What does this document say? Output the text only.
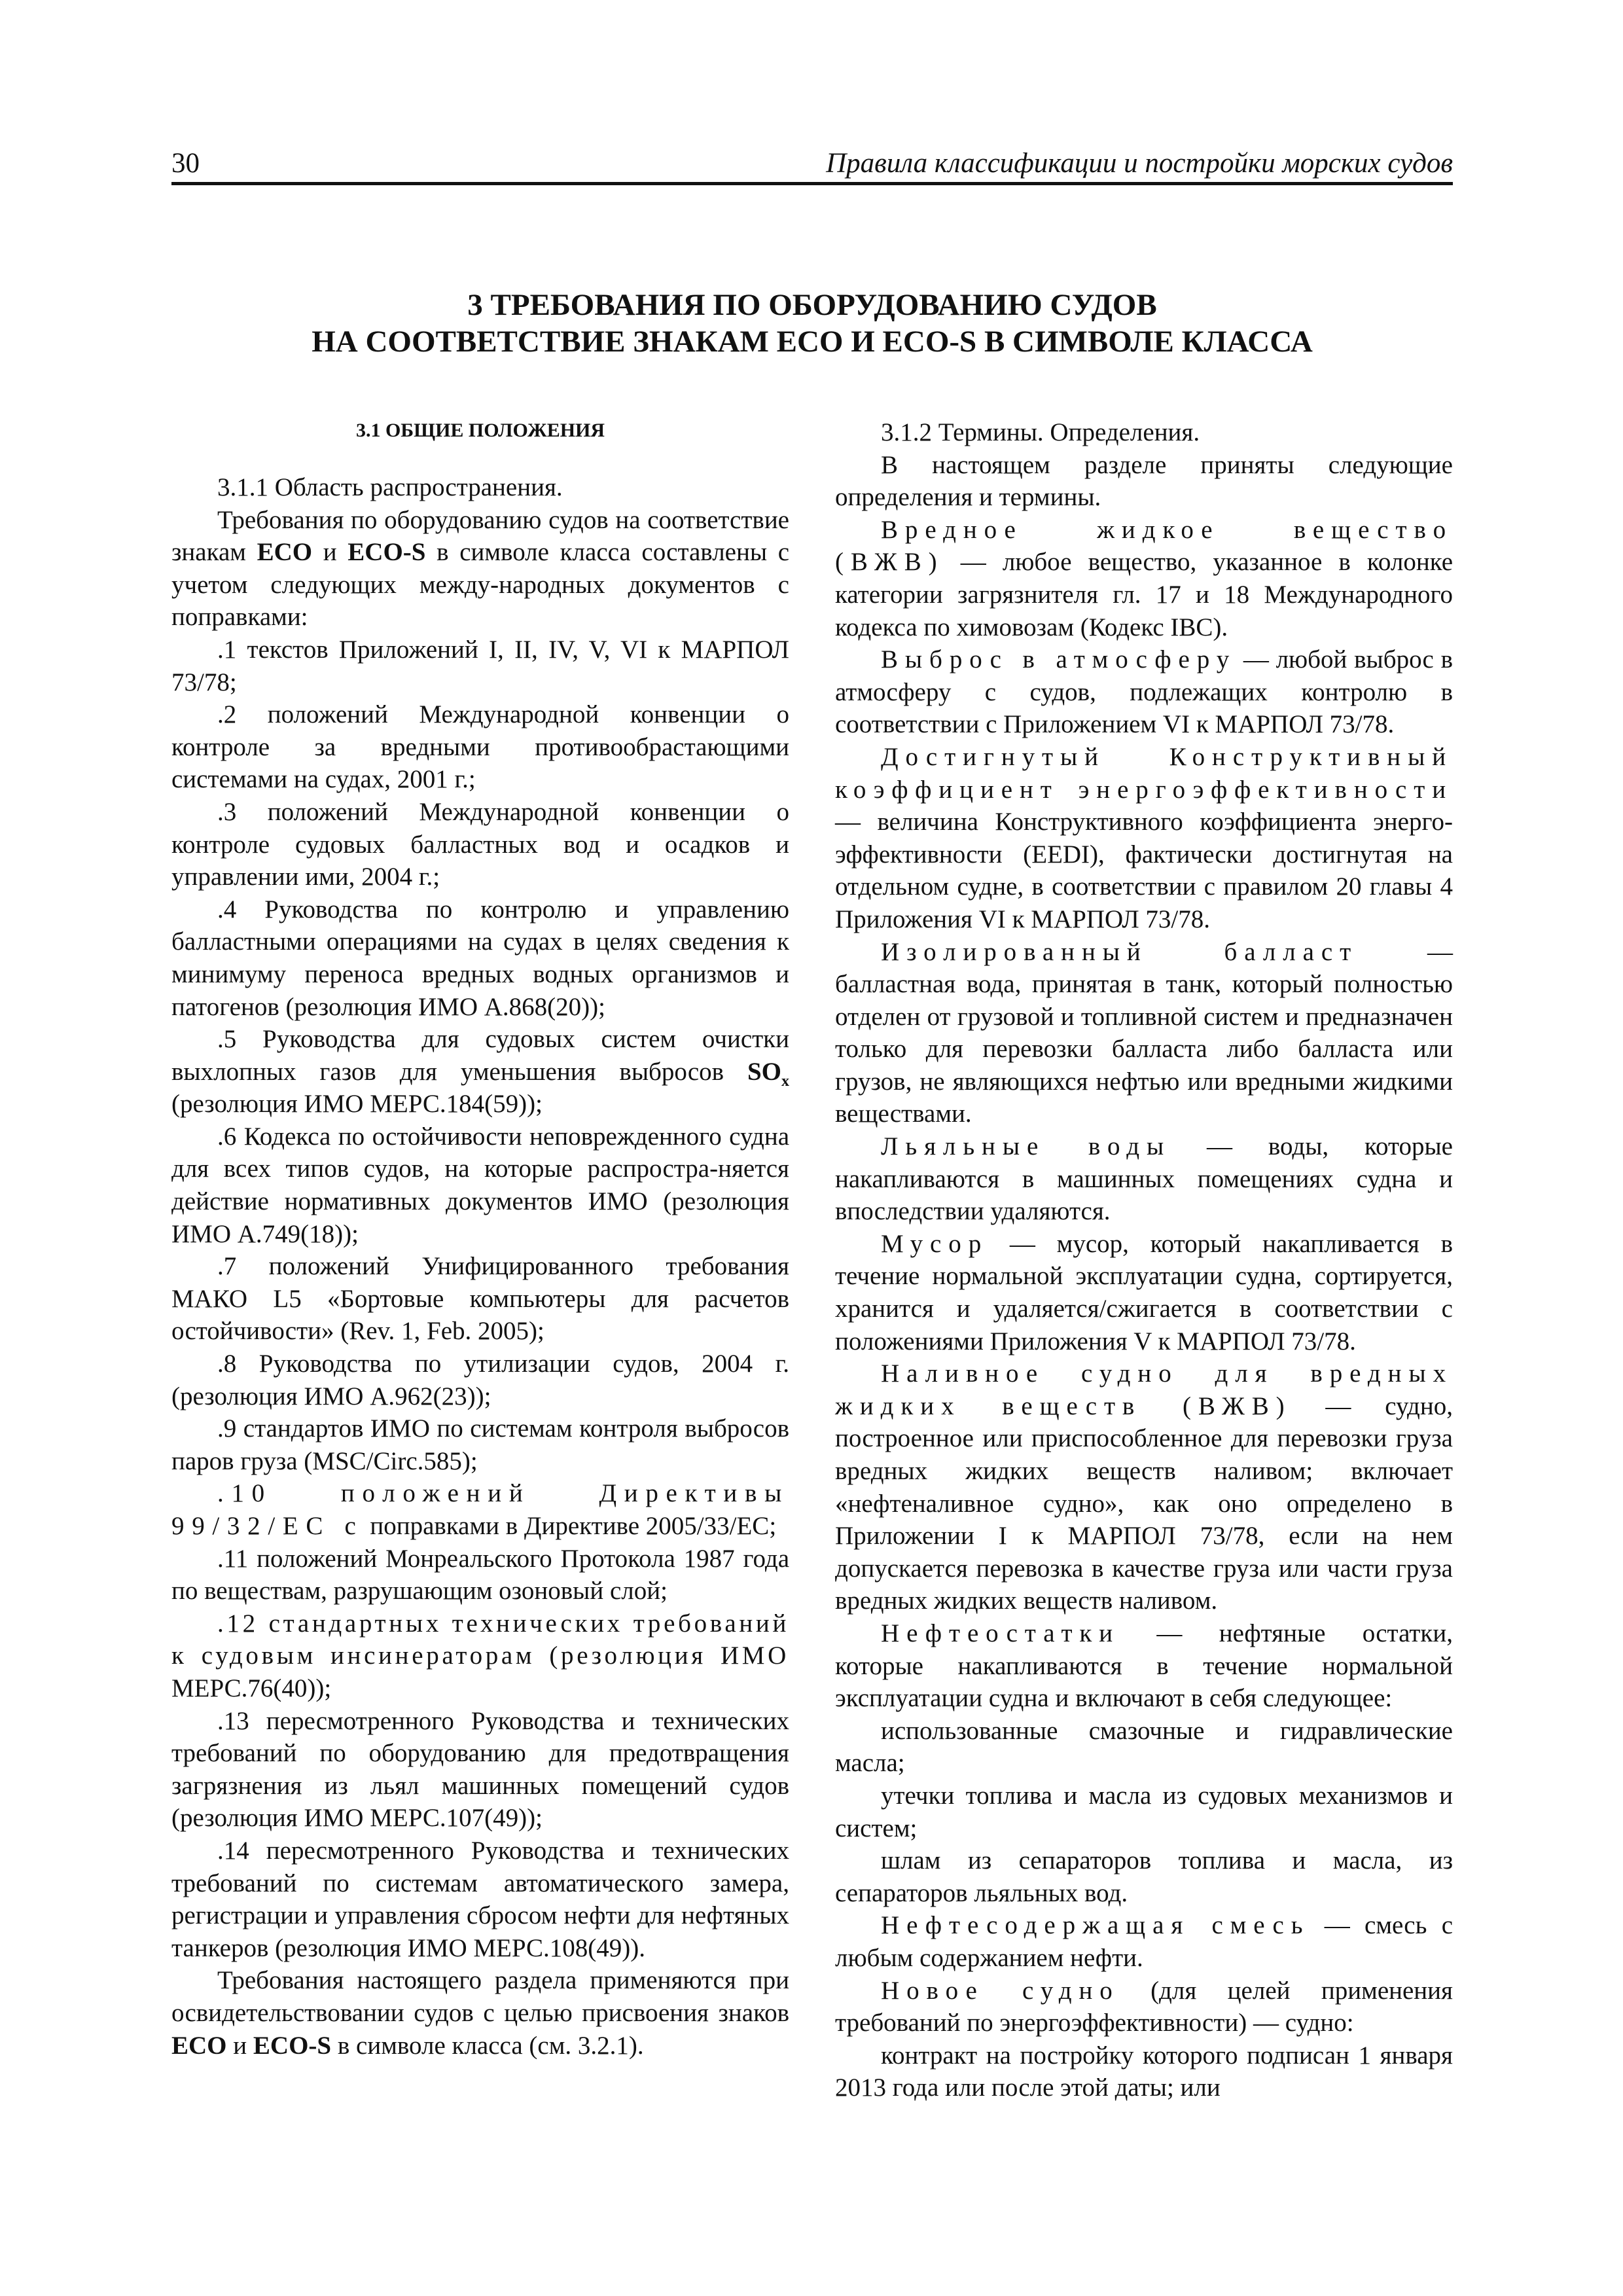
30	Правила классификации и постройки морских судов
3 ТРЕБОВАНИЯ ПО ОБОРУДОВАНИЮ СУДОВ
НА СООТВЕТСТВИЕ ЗНАКАМ ECO И ECO-S В СИМВОЛЕ КЛАССА
3.1 ОБЩИЕ ПОЛОЖЕНИЯ

3.1.1 Область распространения.

Требования по оборудованию судов на соответствие знакам ECO и ECO-S в символе класса составлены с учетом следующих между-народных документов с поправками:

.1 текстов Приложений I, II, IV, V, VI к МАРПОЛ 73/78;

.2 положений Международной конвенции о контроле за вредными противообрастающими системами на судах, 2001 г.;

.3 положений Международной конвенции о контроле судовых балластных вод и осадков и управлении ими, 2004 г.;

.4 Руководства по контролю и управлению балластными операциями на судах в целях сведения к минимуму переноса вредных водных организмов и патогенов (резолюция ИМО А.868(20));

.5 Руководства для судовых систем очистки выхлопных газов для уменьшения выбросов $SO_x$ (резолюция ИМО МЕРС.184(59));

.6 Кодекса по остойчивости неповрежденного судна для всех типов судов, на которые распростра-няется действие нормативных документов ИМО (резолюция ИМО А.749(18));

.7 положений Унифицированного требования МАКО L5 «Бортовые компьютеры для расчетов остойчивости» (Rev. 1, Feb. 2005);

.8 Руководства по утилизации судов, 2004 г. (резолюция ИМО А.962(23));

.9 стандартов ИМО по системам контроля выбросов паров груза (MSC/Circ.585);

.10 положений Директивы 99/32/ЕС с поправками в Директиве 2005/33/ЕС;

.11 положений Монреальского Протокола 1987 года по веществам, разрушающим озоновый слой;

.12 стандартных технических требований к судовым инсинераторам (резолюция ИМО МЕРС.76(40));

.13 пересмотренного Руководства и технических требований по оборудованию для предотвращения загрязнения из льял машинных помещений судов (резолюция ИМО МЕРС.107(49));

.14 пересмотренного Руководства и технических требований по системам автоматического замера, регистрации и управления сбросом нефти для нефтяных танкеров (резолюция ИМО МЕРС.108(49)).

Требования настоящего раздела применяются при освидетельствовании судов с целью присвоения знаков ECO и ECO-S в символе класса (см. 3.2.1).

3.1.2 Термины. Определения.

В настоящем разделе приняты следующие определения и термины.

Вредное жидкое вещество (ВЖВ) — любое вещество, указанное в колонке категории загрязнителя гл. 17 и 18 Международного кодекса по химовозам (Кодекс IBC).

Выброс в атмосферу — любой выброс в атмосферу с судов, подлежащих контролю в соответствии с Приложением VI к МАРПОЛ 73/78.

Достигнутый Конструктивный коэффициент энергоэффективности — величина Конструктивного коэффициента энерго-эффективности (EEDI), фактически достигнутая на отдельном судне, в соответствии с правилом 20 главы 4 Приложения VI к МАРПОЛ 73/78.

Изолированный балласт — балластная вода, принятая в танк, который полностью отделен от грузовой и топливной систем и предназначен только для перевозки балласта либо балласта или грузов, не являющихся нефтью или вредными жидкими веществами.

Льяльные воды — воды, которые накапливаются в машинных помещениях судна и впоследствии удаляются.

Мусор — мусор, который накапливается в течение нормальной эксплуатации судна, сортируется, хранится и удаляется/сжигается в соответствии с положениями Приложения V к МАРПОЛ 73/78.

Наливное судно для вредных жидких веществ (ВЖВ) — судно, построенное или приспособленное для перевозки груза вредных жидких веществ наливом; включает «нефтеналивное судно», как оно определено в Приложении I к МАРПОЛ 73/78, если на нем допускается перевозка в качестве груза или части груза вредных жидких веществ наливом.

Нефтеостатки — нефтяные остатки, которые накапливаются в течение нормальной эксплуатации судна и включают в себя следующее:

использованные смазочные и гидравлические масла;

утечки топлива и масла из судовых механизмов и систем;

шлам из сепараторов топлива и масла, из сепараторов льяльных вод.

Нефтесодержащая смесь — смесь с любым содержанием нефти.

Новое судно (для целей применения требований по энергоэффективности) — судно:

контракт на постройку которого подписан 1 января 2013 года или после этой даты; или
